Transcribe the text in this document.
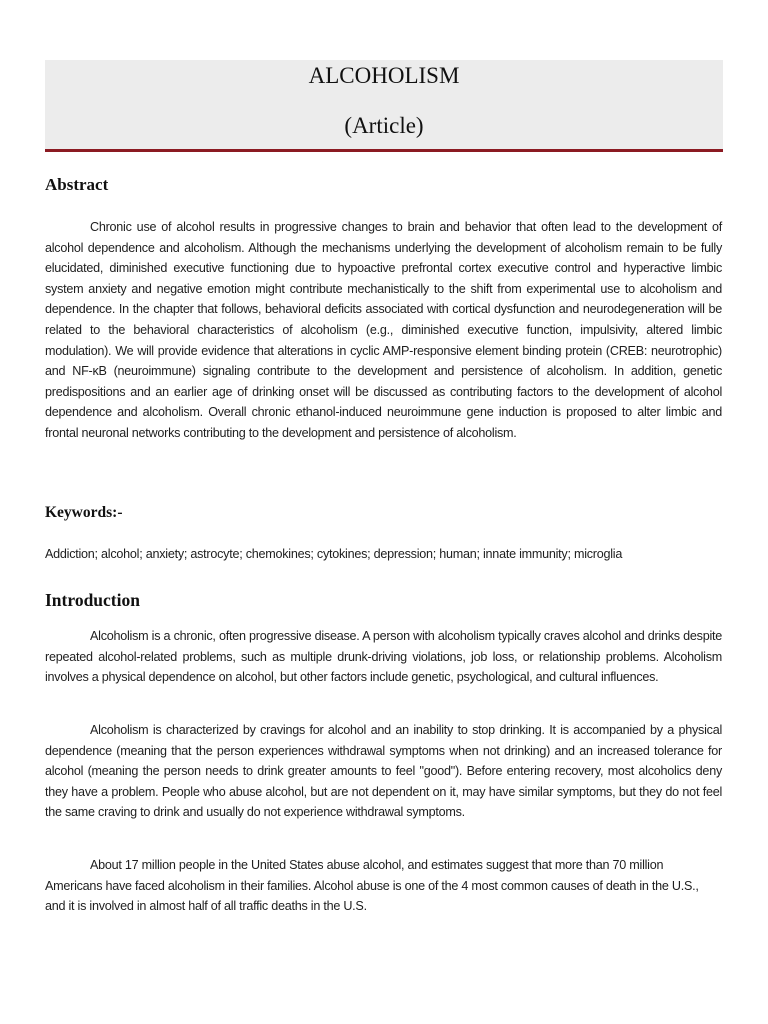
ALCOHOLISM
(Article)
Abstract

Chronic use of alcohol results in progressive changes to brain and behavior that often lead to the development of alcohol dependence and alcoholism. Although the mechanisms underlying the development of alcoholism remain to be fully elucidated, diminished executive functioning due to hypoactive prefrontal cortex executive control and hyperactive limbic system anxiety and negative emotion might contribute mechanistically to the shift from experimental use to alcoholism and dependence. In the chapter that follows, behavioral deficits associated with cortical dysfunction and neurodegeneration will be related to the behavioral characteristics of alcoholism (e.g., diminished executive function, impulsivity, altered limbic modulation). We will provide evidence that alterations in cyclic AMP-responsive element binding protein (CREB: neurotrophic) and NF-κB (neuroimmune) signaling contribute to the development and persistence of alcoholism. In addition, genetic predispositions and an earlier age of drinking onset will be discussed as contributing factors to the development of alcohol dependence and alcoholism. Overall chronic ethanol-induced neuroimmune gene induction is proposed to alter limbic and frontal neuronal networks contributing to the development and persistence of alcoholism.

Keywords:-

Addiction; alcohol; anxiety; astrocyte; chemokines; cytokines; depression; human; innate immunity; microglia

Introduction

Alcoholism is a chronic, often progressive disease. A person with alcoholism typically craves alcohol and drinks despite repeated alcohol-related problems, such as multiple drunk-driving violations, job loss, or relationship problems. Alcoholism involves a physical dependence on alcohol, but other factors include genetic, psychological, and cultural influences.

Alcoholism is characterized by cravings for alcohol and an inability to stop drinking. It is accompanied by a physical dependence (meaning that the person experiences withdrawal symptoms when not drinking) and an increased tolerance for alcohol (meaning the person needs to drink greater amounts to feel "good"). Before entering recovery, most alcoholics deny they have a problem. People who abuse alcohol, but are not dependent on it, may have similar symptoms, but they do not feel the same craving to drink and usually do not experience withdrawal symptoms.

About 17 million people in the United States abuse alcohol, and estimates suggest that more than 70 million Americans have faced alcoholism in their families. Alcohol abuse is one of the 4 most common causes of death in the U.S., and it is involved in almost half of all traffic deaths in the U.S.
